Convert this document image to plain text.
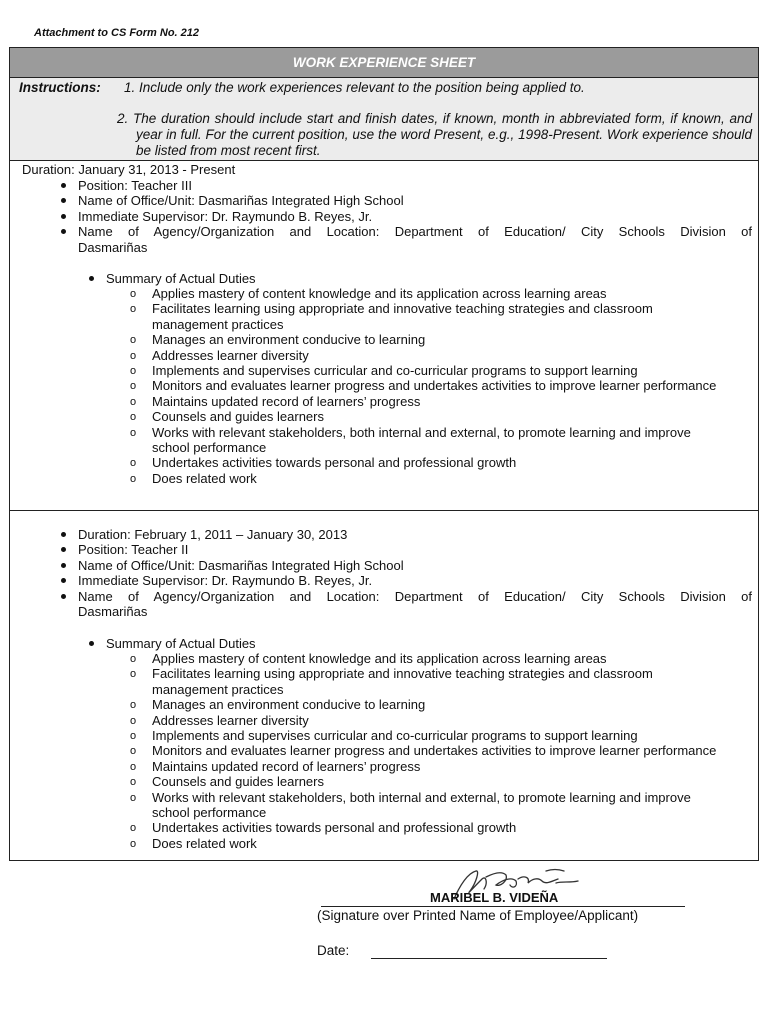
Attachment to CS Form No. 212
WORK EXPERIENCE SHEET
Instructions: 1. Include only the work experiences relevant to the position being applied to.
2. The duration should include start and finish dates, if known, month in abbreviated form, if known, and year in full. For the current position, use the word Present, e.g., 1998-Present. Work experience should be listed from most recent first.
Duration: January 31, 2013 - Present
Position: Teacher III
Name of Office/Unit: Dasmariñas Integrated High School
Immediate Supervisor: Dr. Raymundo B. Reyes, Jr.
Name of Agency/Organization and Location: Department of Education/ City Schools Division of
Dasmariñas
Summary of Actual Duties
o Applies mastery of content knowledge and its application across learning areas
o Facilitates learning using appropriate and innovative teaching strategies and classroom management practices
o Manages an environment conducive to learning
o Addresses learner diversity
o Implements and supervises curricular and co-curricular programs to support learning
o Monitors and evaluates learner progress and undertakes activities to improve learner performance
o Maintains updated record of learners’ progress
o Counsels and guides learners
o Works with relevant stakeholders, both internal and external, to promote learning and improve school performance
o Undertakes activities towards personal and professional growth
o Does related work
Duration: February 1, 2011 – January 30, 2013
Position: Teacher II
Name of Office/Unit: Dasmariñas Integrated High School
Immediate Supervisor: Dr. Raymundo B. Reyes, Jr.
Name of Agency/Organization and Location: Department of Education/ City Schools Division of
Dasmariñas
Summary of Actual Duties
o Applies mastery of content knowledge and its application across learning areas
o Facilitates learning using appropriate and innovative teaching strategies and classroom management practices
o Manages an environment conducive to learning
o Addresses learner diversity
o Implements and supervises curricular and co-curricular programs to support learning
o Monitors and evaluates learner progress and undertakes activities to improve learner performance
o Maintains updated record of learners’ progress
o Counsels and guides learners
o Works with relevant stakeholders, both internal and external, to promote learning and improve school performance
o Undertakes activities towards personal and professional growth
o Does related work
MARIBEL B. VIDEÑA
(Signature over Printed Name of Employee/Applicant)
Date:
